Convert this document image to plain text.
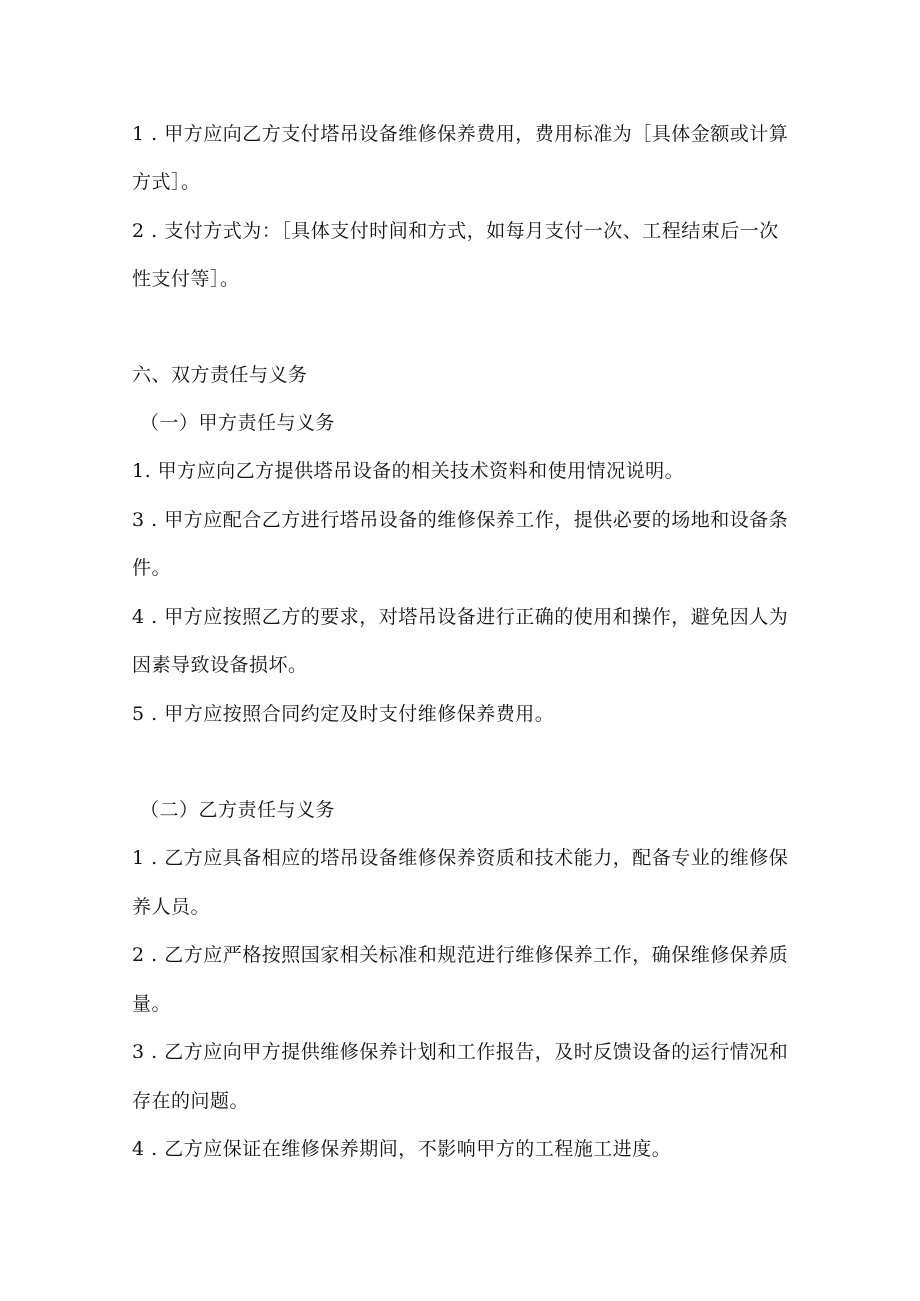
1 . 甲方应向乙方支付塔吊设备维修保养费用，费用标准为［具体金额或计算
方式］。
2 . 支付方式为：［具体支付时间和方式，如每月支付一次、工程结束后一次
性支付等］。
六、双方责任与义务
（一）甲方责任与义务
1. 甲方应向乙方提供塔吊设备的相关技术资料和使用情况说明。
3 . 甲方应配合乙方进行塔吊设备的维修保养工作，提供必要的场地和设备条
件。
4 . 甲方应按照乙方的要求，对塔吊设备进行正确的使用和操作，避免因人为
因素导致设备损坏。
5 . 甲方应按照合同约定及时支付维修保养费用。
（二）乙方责任与义务
1 . 乙方应具备相应的塔吊设备维修保养资质和技术能力，配备专业的维修保
养人员。
2 . 乙方应严格按照国家相关标准和规范进行维修保养工作，确保维修保养质
量。
3 . 乙方应向甲方提供维修保养计划和工作报告，及时反馈设备的运行情况和
存在的问题。
4 . 乙方应保证在维修保养期间，不影响甲方的工程施工进度。
